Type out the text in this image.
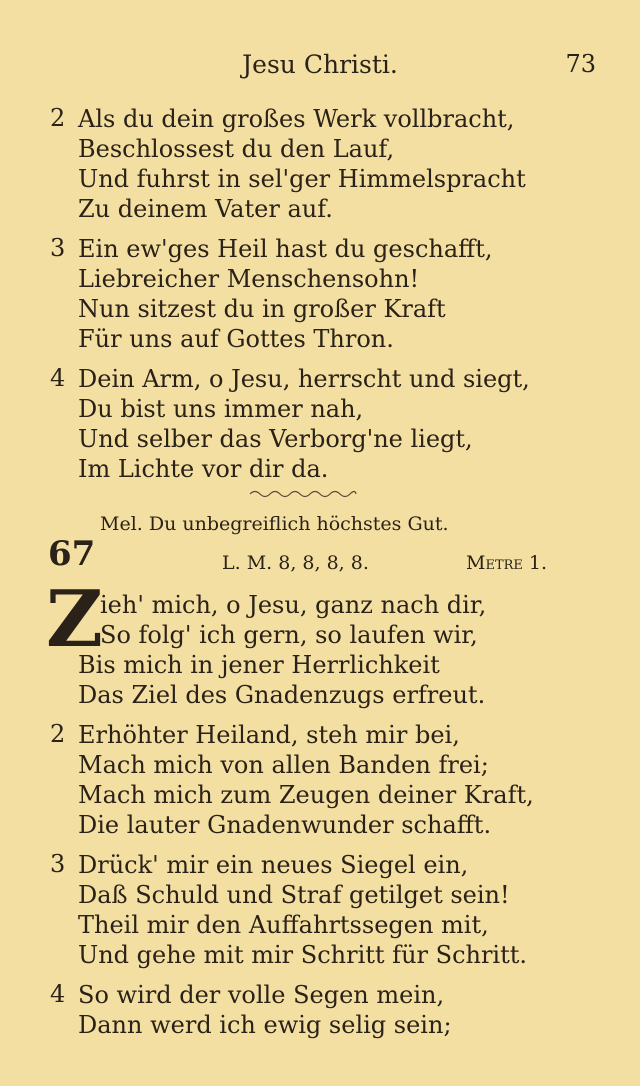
Jesu Christi.	73
2 Als du dein großes Werk vollbracht,
Beschlossest du den Lauf,
Und fuhrst in sel'ger Himmelspracht
Zu deinem Vater auf.
3 Ein ew'ges Heil hast du geschafft,
Liebreicher Menschensohn!
Nun sitzest du in großer Kraft
Für uns auf Gottes Thron.
4 Dein Arm, o Jesu, herrscht und siegt,
Du bist uns immer nah,
Und selber das Verborg'ne liegt,
Im Lichte vor dir da.
Mel. Du unbegreiflich höchstes Gut.
67	L. M. 8, 8, 8, 8.	Metre 1.
Z
ieh' mich, o Jesu, ganz nach dir,
So folg' ich gern, so laufen wir,
Bis mich in jener Herrlichkeit
Das Ziel des Gnadenzugs erfreut.
2 Erhöhter Heiland, steh mir bei,
Mach mich von allen Banden frei;
Mach mich zum Zeugen deiner Kraft,
Die lauter Gnadenwunder schafft.
3 Drück' mir ein neues Siegel ein,
Daß Schuld und Straf getilget sein!
Theil mir den Auffahrtssegen mit,
Und gehe mit mir Schritt für Schritt.
4 So wird der volle Segen mein,
Dann werd ich ewig selig sein;
